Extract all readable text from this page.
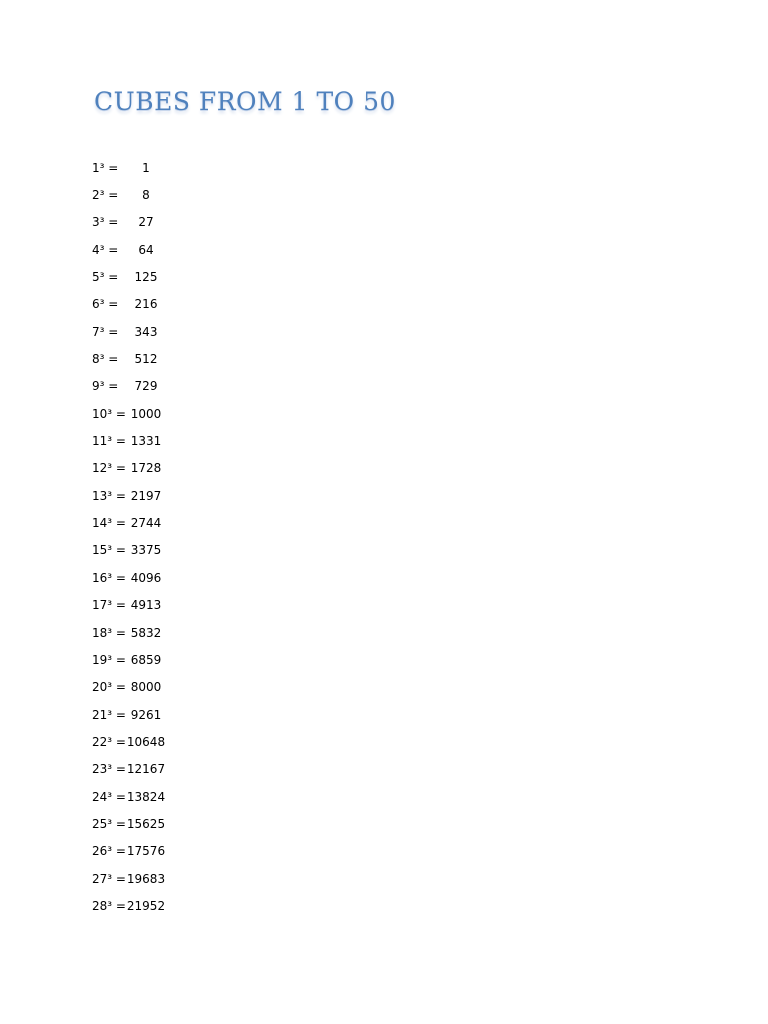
CUBES FROM 1 TO 50
1³ =	1
2³ =	8
3³ =	27
4³ =	64
5³ =	125
6³ =	216
7³ =	343
8³ =	512
9³ =	729
10³ = 1000
11³ = 1331
12³ = 1728
13³ = 2197
14³ = 2744
15³ = 3375
16³ = 4096
17³ = 4913
18³ = 5832
19³ = 6859
20³ = 8000
21³ = 9261
22³ = 10648
23³ = 12167
24³ = 13824
25³ = 15625
26³ = 17576
27³ = 19683
28³ = 21952
